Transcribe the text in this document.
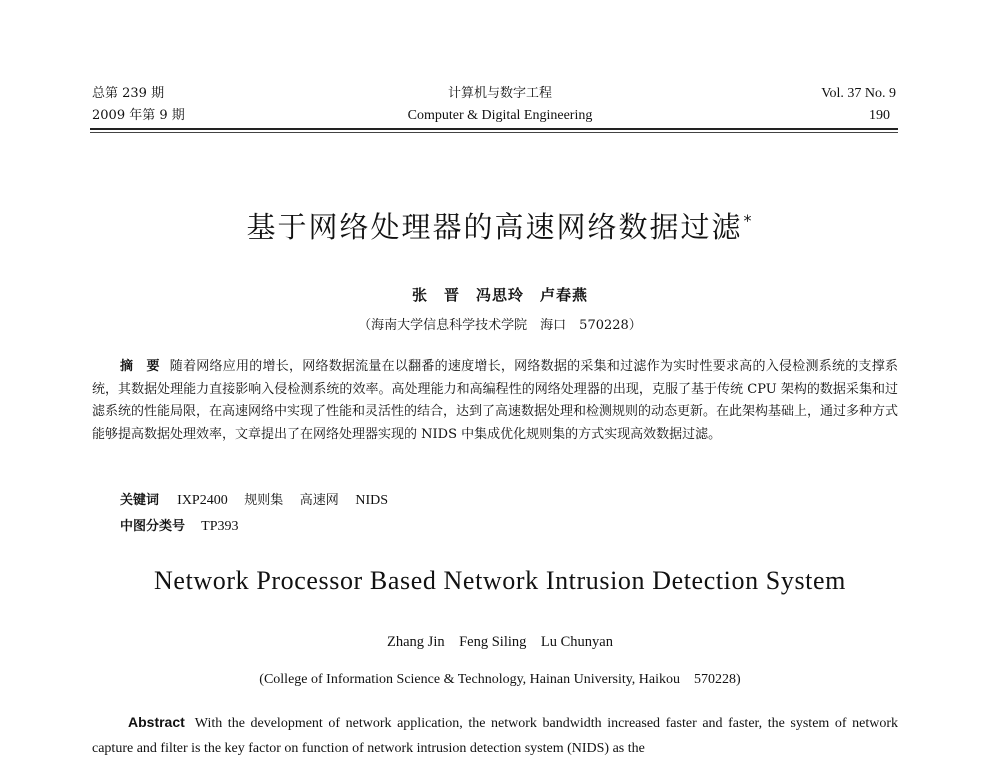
总第 239 期
2009 年第 9 期
计算机与数字工程
Computer & Digital Engineering
Vol. 37 No. 9
190
基于网络处理器的高速网络数据过滤*
张　晋　冯思玲　卢春燕
（海南大学信息科学技术学院　海口　570228）
摘　要 随着网络应用的增长，网络数据流量在以翻番的速度增长，网络数据的采集和过滤作为实时性要求高的入侵检测系统的支撑系统，其数据处理能力直接影响入侵检测系统的效率。高处理能力和高编程性的网络处理器的出现，克服了基于传统 CPU 架构的数据采集和过滤系统的性能局限，在高速网络中实现了性能和灵活性的结合，达到了高速数据处理和检测规则的动态更新。在此架构基础上，通过多种方式能够提高数据处理效率，文章提出了在网络处理器实现的 NIDS 中集成优化规则集的方式实现高效数据过滤。
关键词 IXP2400 规则集 高速网 NIDS
中图分类号 TP393
Network Processor Based Network Intrusion Detection System
Zhang Jin　Feng Siling　Lu Chunyan
(College of Information Science & Technology, Hainan University, Haikou　570228)
Abstract With the development of network application, the network bandwidth increased faster and faster, the system of network capture and filter is the key factor on function of network intrusion detection system (NIDS) as the
